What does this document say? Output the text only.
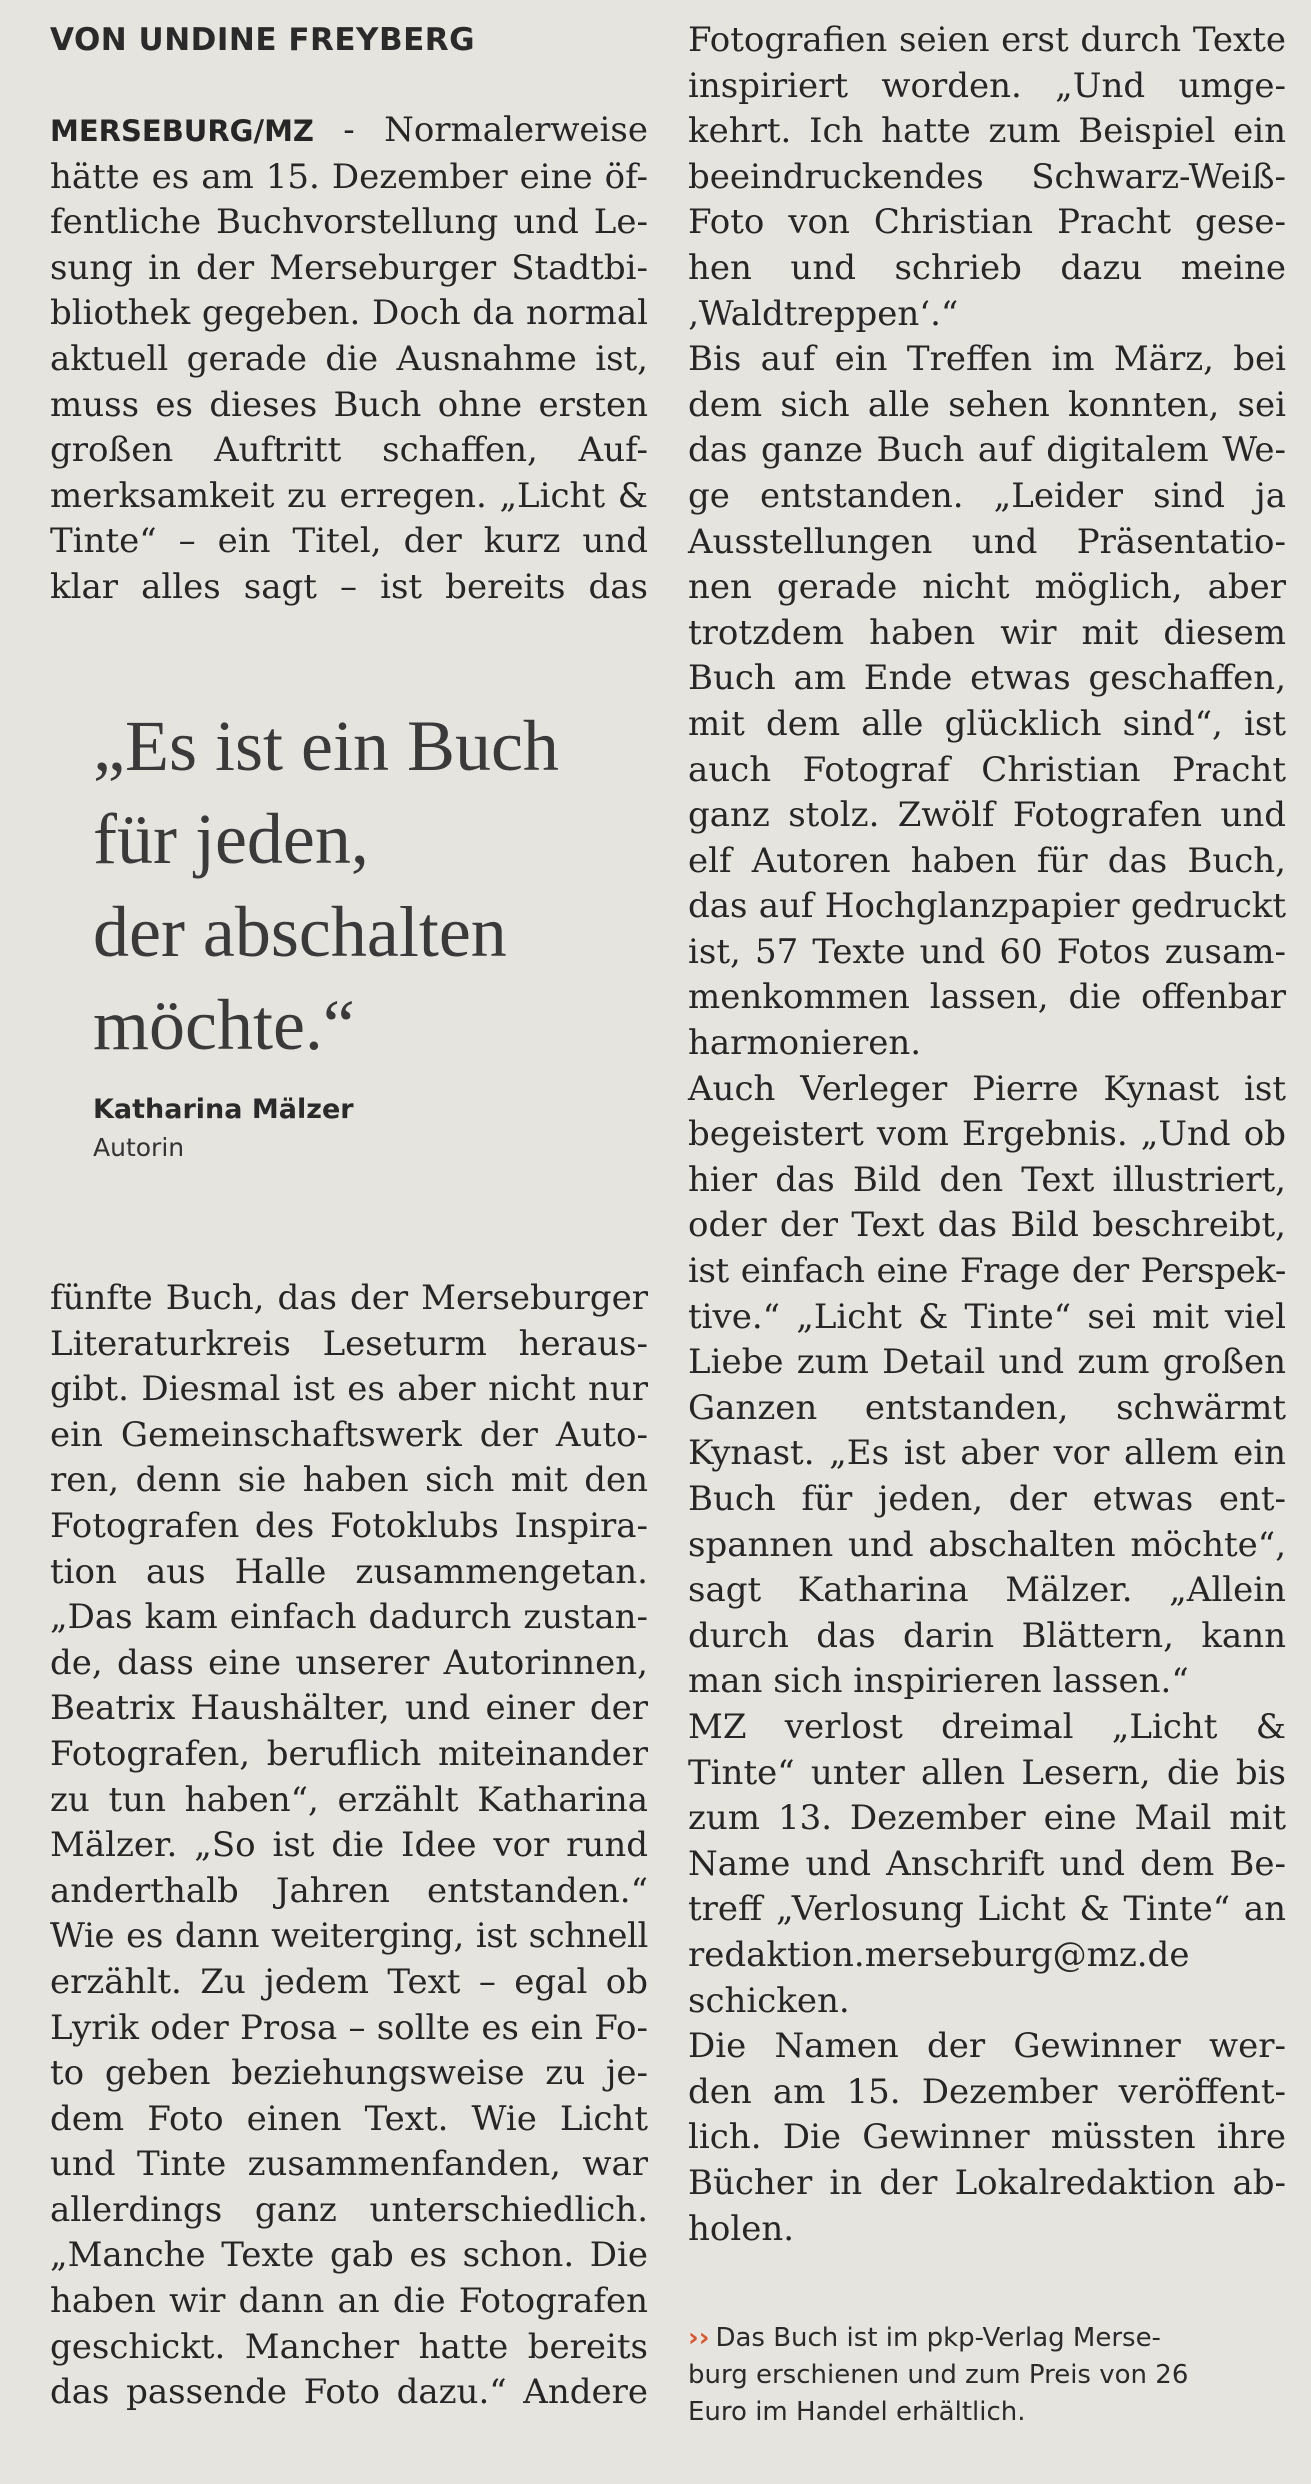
VON UNDINE FREYBERG
MERSEBURG/MZ - Normalerweise
hätte es am 15. Dezember eine öf-
fentliche Buchvorstellung und Le-
sung in der Merseburger Stadtbi-
bliothek gegeben. Doch da normal
aktuell gerade die Ausnahme ist,
muss es dieses Buch ohne ersten
großen Auftritt schaffen, Auf-
merksamkeit zu erregen. „Licht &
Tinte“ – ein Titel, der kurz und
klar alles sagt – ist bereits das
„Es ist ein Buch
für jeden,
der abschalten
möchte.“
Katharina Mälzer
Autorin
fünfte Buch, das der Merseburger
Literaturkreis Leseturm heraus-
gibt. Diesmal ist es aber nicht nur
ein Gemeinschaftswerk der Auto-
ren, denn sie haben sich mit den
Fotografen des Fotoklubs Inspira-
tion aus Halle zusammengetan.
„Das kam einfach dadurch zustan-
de, dass eine unserer Autorinnen,
Beatrix Haushälter, und einer der
Fotografen, beruflich miteinander
zu tun haben“, erzählt Katharina
Mälzer. „So ist die Idee vor rund
anderthalb Jahren entstanden.“
Wie es dann weiterging, ist schnell
erzählt. Zu jedem Text – egal ob
Lyrik oder Prosa – sollte es ein Fo-
to geben beziehungsweise zu je-
dem Foto einen Text. Wie Licht
und Tinte zusammenfanden, war
allerdings ganz unterschiedlich.
„Manche Texte gab es schon. Die
haben wir dann an die Fotografen
geschickt. Mancher hatte bereits
das passende Foto dazu.“ Andere
Fotografien seien erst durch Texte
inspiriert worden. „Und umge-
kehrt. Ich hatte zum Beispiel ein
beeindruckendes Schwarz-Weiß-
Foto von Christian Pracht gese-
hen und schrieb dazu meine
‚Waldtreppen‘.“
Bis auf ein Treffen im März, bei
dem sich alle sehen konnten, sei
das ganze Buch auf digitalem We-
ge entstanden. „Leider sind ja
Ausstellungen und Präsentatio-
nen gerade nicht möglich, aber
trotzdem haben wir mit diesem
Buch am Ende etwas geschaffen,
mit dem alle glücklich sind“, ist
auch Fotograf Christian Pracht
ganz stolz. Zwölf Fotografen und
elf Autoren haben für das Buch,
das auf Hochglanzpapier gedruckt
ist, 57 Texte und 60 Fotos zusam-
menkommen lassen, die offenbar
harmonieren.
Auch Verleger Pierre Kynast ist
begeistert vom Ergebnis. „Und ob
hier das Bild den Text illustriert,
oder der Text das Bild beschreibt,
ist einfach eine Frage der Perspek-
tive.“ „Licht & Tinte“ sei mit viel
Liebe zum Detail und zum großen
Ganzen entstanden, schwärmt
Kynast. „Es ist aber vor allem ein
Buch für jeden, der etwas ent-
spannen und abschalten möchte“,
sagt Katharina Mälzer. „Allein
durch das darin Blättern, kann
man sich inspirieren lassen.“
MZ verlost dreimal „Licht &
Tinte“ unter allen Lesern, die bis
zum 13. Dezember eine Mail mit
Name und Anschrift und dem Be-
treff „Verlosung Licht & Tinte“ an
redaktion.merseburg@mz.de
schicken.
Die Namen der Gewinner wer-
den am 15. Dezember veröffent-
lich. Die Gewinner müssten ihre
Bücher in der Lokalredaktion ab-
holen.
›› Das Buch ist im pkp-Verlag Merse-
burg erschienen und zum Preis von 26
Euro im Handel erhältlich.
